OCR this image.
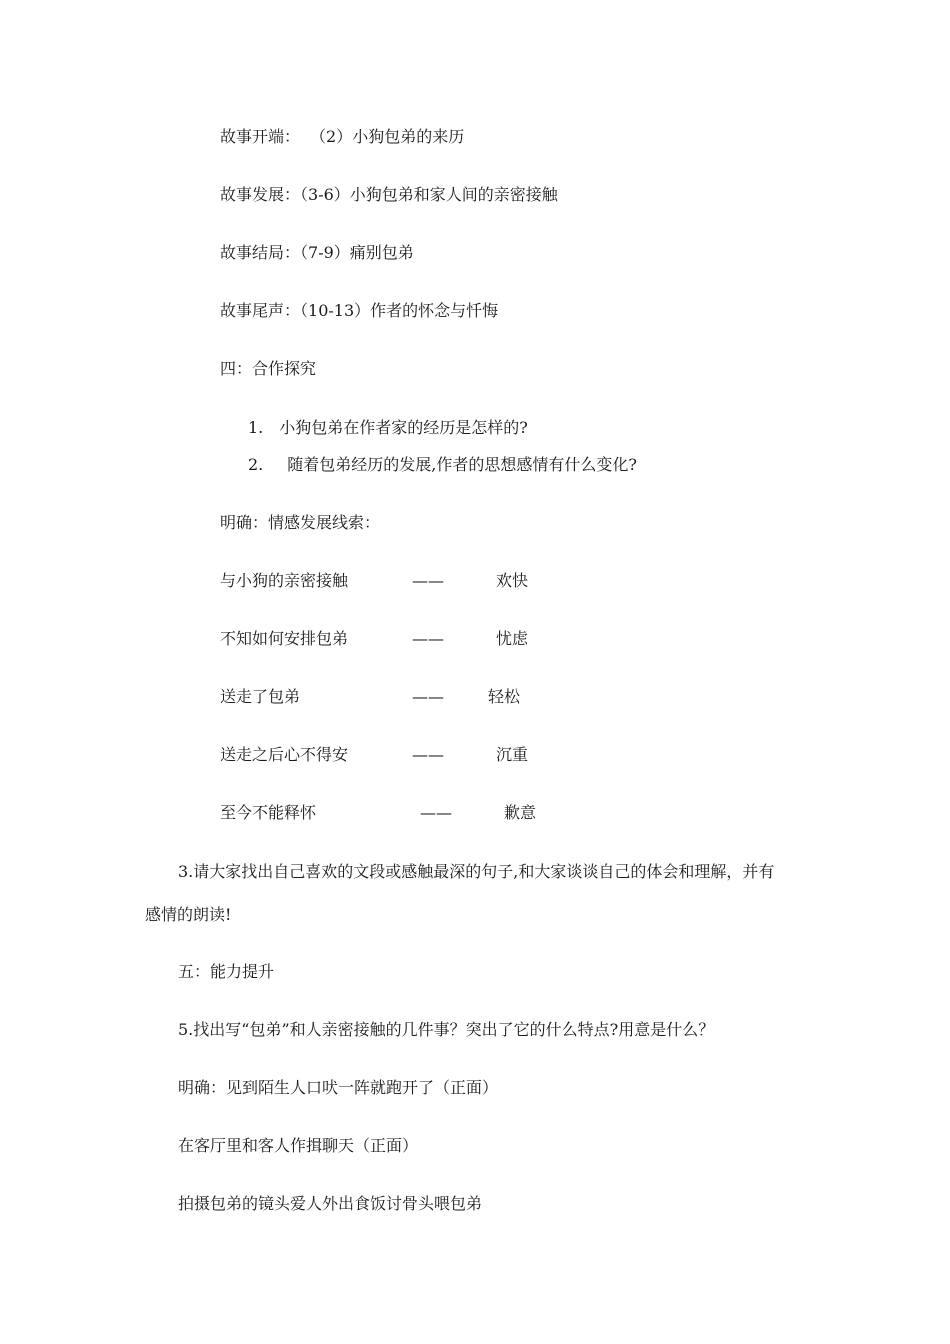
故事开端： （2）小狗包弟的来历
故事发展：（3-6）小狗包弟和家人间的亲密接触
故事结局：（7-9）痛别包弟
故事尾声：（10-13）作者的怀念与忏悔
四：合作探究
1. 小狗包弟在作者家的经历是怎样的?
2. 随着包弟经历的发展,作者的思想感情有什么变化?
明确：情感发展线索：
与小狗的亲密接触	——	欢快
不知如何安排包弟	——	忧虑
送走了包弟	——	轻松
送走之后心不得安	——	沉重
至今不能释怀	——	歉意
3.请大家找出自己喜欢的文段或感触最深的句子,和大家谈谈自己的体会和理解，并有
感情的朗读!
五：能力提升
5.找出写“包弟”和人亲密接触的几件事？突出了它的什么特点?用意是什么？
明确：见到陌生人口吠一阵就跑开了（正面）
在客厅里和客人作揖聊天（正面）
拍摄包弟的镜头爱人外出食饭讨骨头喂包弟
